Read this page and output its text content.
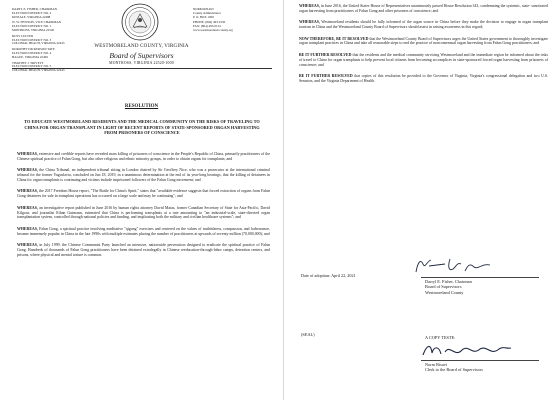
DARYL E. FISHER, CHAIRMAN
ELECTION DISTRICT NO. 2
KINSALE, VIRGINIA 22488
W. W. HYNSON, VICE CHAIRMAN
ELECTION DISTRICT NO. 1
MONTROSS, VIRGINIA 22520
RUSS CULVER
ELECTION DISTRICT NO. 3
COLONIAL BEACH, VIRGINIA 22443
DOROTHY DICKERSON TATE
ELECTION DISTRICT NO. 4
HAGUE, VIRGINIA 22469
TIMOTHY J. TRIVETT
ELECTION DISTRICT NO. 5
COLONIAL BEACH, VIRGINIA 22443
NORM RISAVI
County Administrator
P. O. BOX 1000
PHONE: (804) 493-0130
FAX: (804) 493-0134
www.westmoreland-county.org
WESTMORELAND COUNTY, VIRGINIA
Board of Supervisors
MONTROSS, VIRGINIA 22520-1000
RESOLUTION
TO EDUCATE WESTMORELAND RESIDENTS AND THE MEDICAL COMMUNITY ON THE RISKS OF TRAVELING TO CHINA FOR ORGAN TRANSPLANT IN LIGHT OF RECENT REPORTS OF STATE-SPONSORED ORGAN HARVESTING FROM PRISONERS OF CONSCIENCE

WHEREAS, extensive and credible reports have revealed mass killing of prisoners of conscience in the People's Republic of China, primarily practitioners of the Chinese spiritual practice of Falun Gong, but also other religious and ethnic minority groups, in order to obtain organs for transplants; and

WHEREAS, the China Tribunal, an independent tribunal sitting in London chaired by Sir Geoffrey Nice, who was a prosecutor at the international criminal tribunal for the former Yugoslavia, concluded on Jun 18, 2019, in a unanimous determination at the end of its year-long hearings, that the killing of detainees in China for organ transplants is continuing and victims include imprisoned followers of the Falun Gong movement; and

WHEREAS, the 2017 Freedom House report, "The Battle for China's Spirit," states that "available evidence suggests that forced extraction of organs from Falun Gong detainees for sale in transplant operations has occurred on a large scale and may be continuing"; and

WHEREAS, an investigative report published in June 2016 by human rights attorney David Matas, former Canadian Secretary of State for Asia-Pacific, David Kilgour, and journalist Ethan Gutmann, estimated that China is performing transplants at a rate amounting to "an industrial-scale, state-directed organ transplantation system, controlled through national policies and funding, and implicating both the military and civilian healthcare systems"; and

WHEREAS, Falun Gong, a spiritual practice involving meditative "qigong" exercises and centered on the values of truthfulness, compassion, and forbearance, became immensely popular in China in the late 1990s with multiple estimates placing the number of practitioners at upwards of seventy million (70,000,000); and

WHEREAS, in July 1999, the Chinese Communist Party launched an intensive, nationwide persecution designed to eradicate the spiritual practice of Falun Gong. Hundreds of thousands of Falun Gong practitioners have been detained extralegally in Chinese reeducation-through-labor camps, detention centers, and prisons, where physical and mental torture is common.

WHEREAS, in June 2016, the United States House of Representatives unanimously passed House Resolution 343, condemning the systemic, state- sanctioned organ harvesting from practitioners of Falun Gong and other prisoners of conscience; and

WHEREAS, Westmoreland residents should be fully informed of the organ source in China before they make the decision to engage in organ transplant tourism in China and the Westmoreland County Board of Supervisors should assist in raising awareness in this regard;

NOW THEREFORE, BE IT RESOLVED that the Westmoreland County Board of Supervisors urges the United States government to thoroughly investigate organ transplant practices in China and take all reasonable steps to end the practice of nonconsensual organ harvesting from Falun Gong practitioners; and

BE IT FURTHER RESOLVED that the residents and the medical community servicing Westmoreland and the immediate region be informed about the risks of travel to China for organ transplants to help prevent local citizens from becoming accomplices in state-sponsored forced organ harvesting from prisoners of conscience; and

BE IT FURTHER RESOLVED that copies of this resolution be provided to the Governor of Virginia, Virginia's congressional delegation and two U.S. Senators, and the Virginia Department of Health.

Date of adoption: April 22, 2021
Darryl E. Fisher, Chairman
Board of Supervisors
Westmoreland County
(SEAL)
A COPY TESTE:
Norm Risavi
Clerk to the Board of Supervisors
